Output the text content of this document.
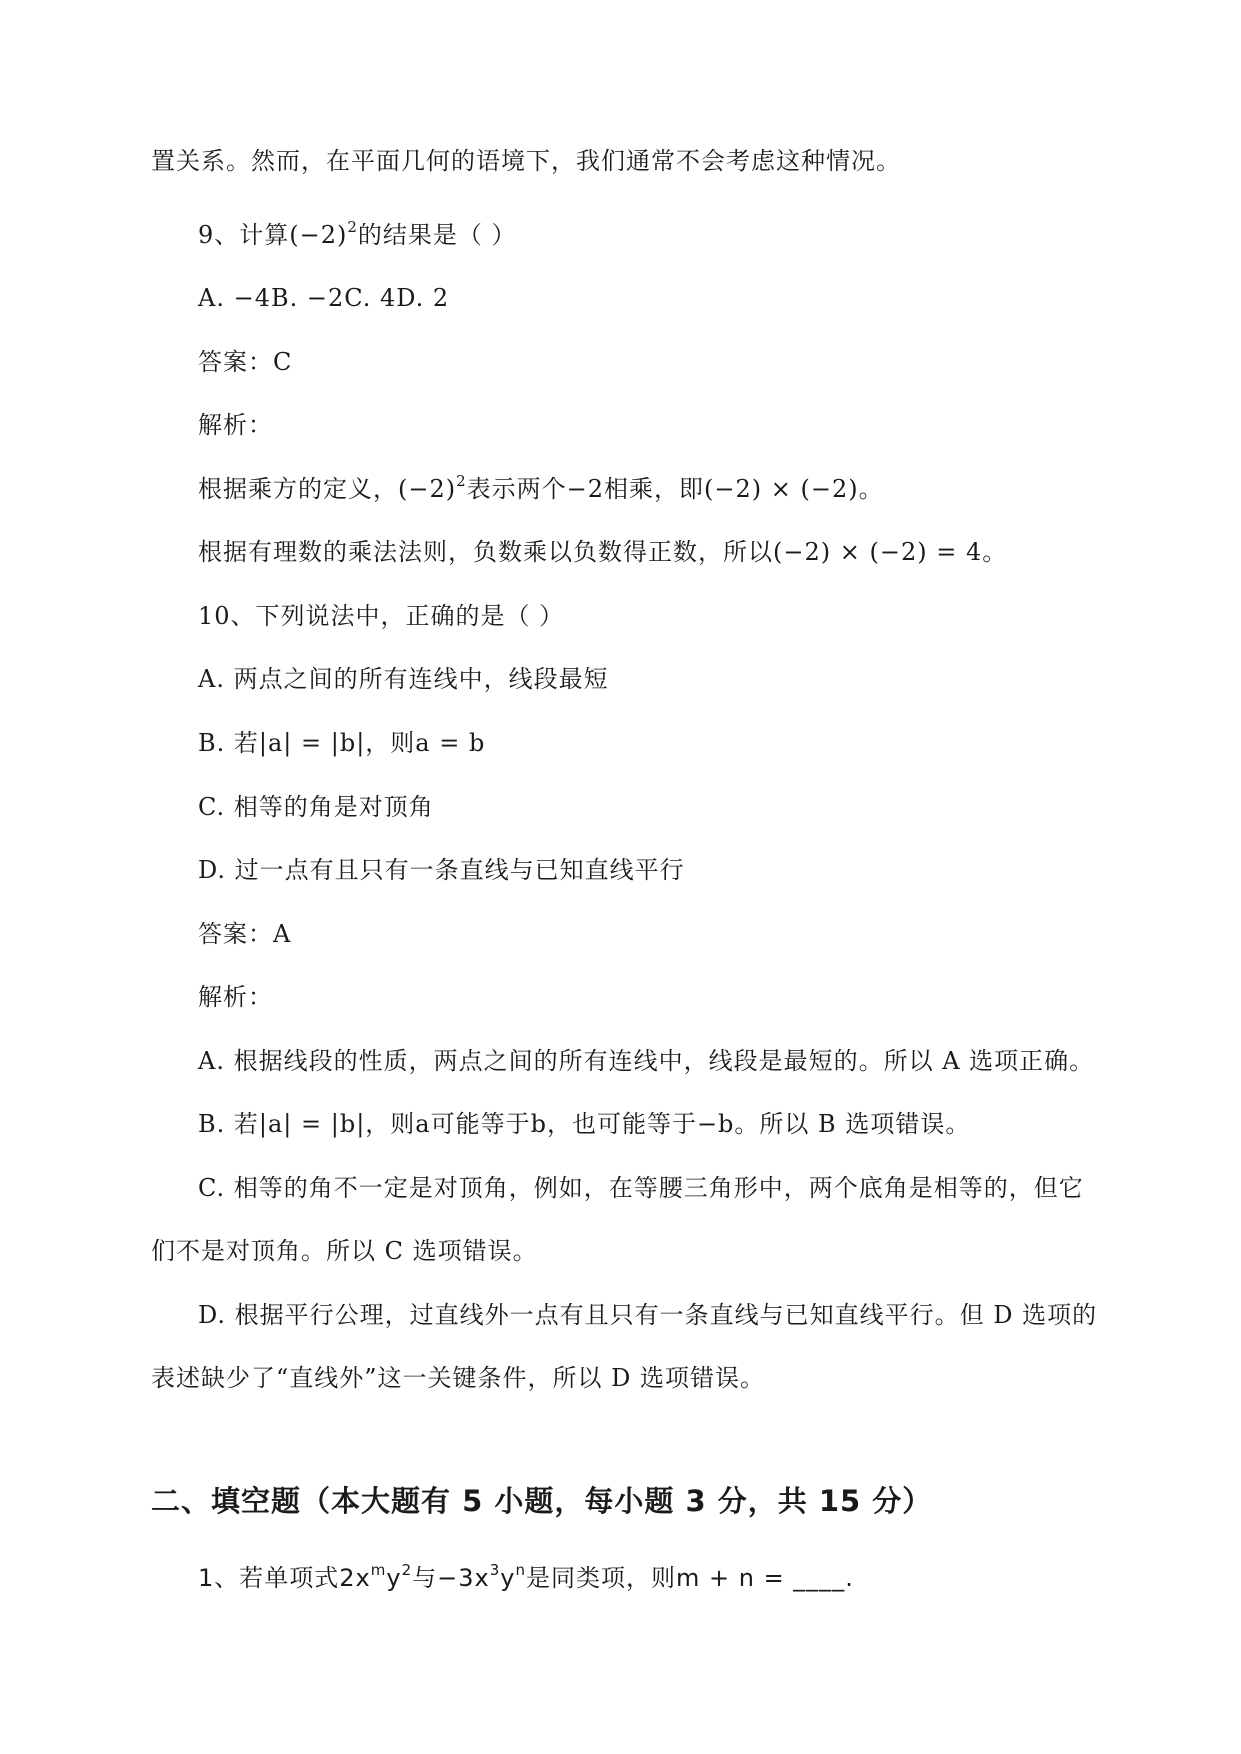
置关系。然而，在平面几何的语境下，我们通常不会考虑这种情况。
9、计算$(-2)^2$的结果是（ ）
A. −4B. −2C. 4D. 2
答案：C
解析：
根据乘方的定义，$(-2)^2$表示两个−2相乘，即(−2) × (−2)。
根据有理数的乘法法则，负数乘以负数得正数，所以(−2) × (−2) = 4。
10、下列说法中，正确的是（ ）
A. 两点之间的所有连线中，线段最短
B. 若|a| = |b|，则a = b
C. 相等的角是对顶角
D. 过一点有且只有一条直线与已知直线平行
答案：A
解析：
A. 根据线段的性质，两点之间的所有连线中，线段是最短的。所以 A 选项正确。
B. 若|a| = |b|，则a可能等于b，也可能等于−b。所以 B 选项错误。
C. 相等的角不一定是对顶角，例如，在等腰三角形中，两个底角是相等的，但它
们不是对顶角。所以 C 选项错误。
D. 根据平行公理，过直线外一点有且只有一条直线与已知直线平行。但 D 选项的
表述缺少了“直线外”这一关键条件，所以 D 选项错误。
二、填空题（本大题有 5 小题，每小题 3 分，共 15 分）
1、若单项式$2x^my^2$与$-3x^3y^n$是同类项，则m + n = ____.
